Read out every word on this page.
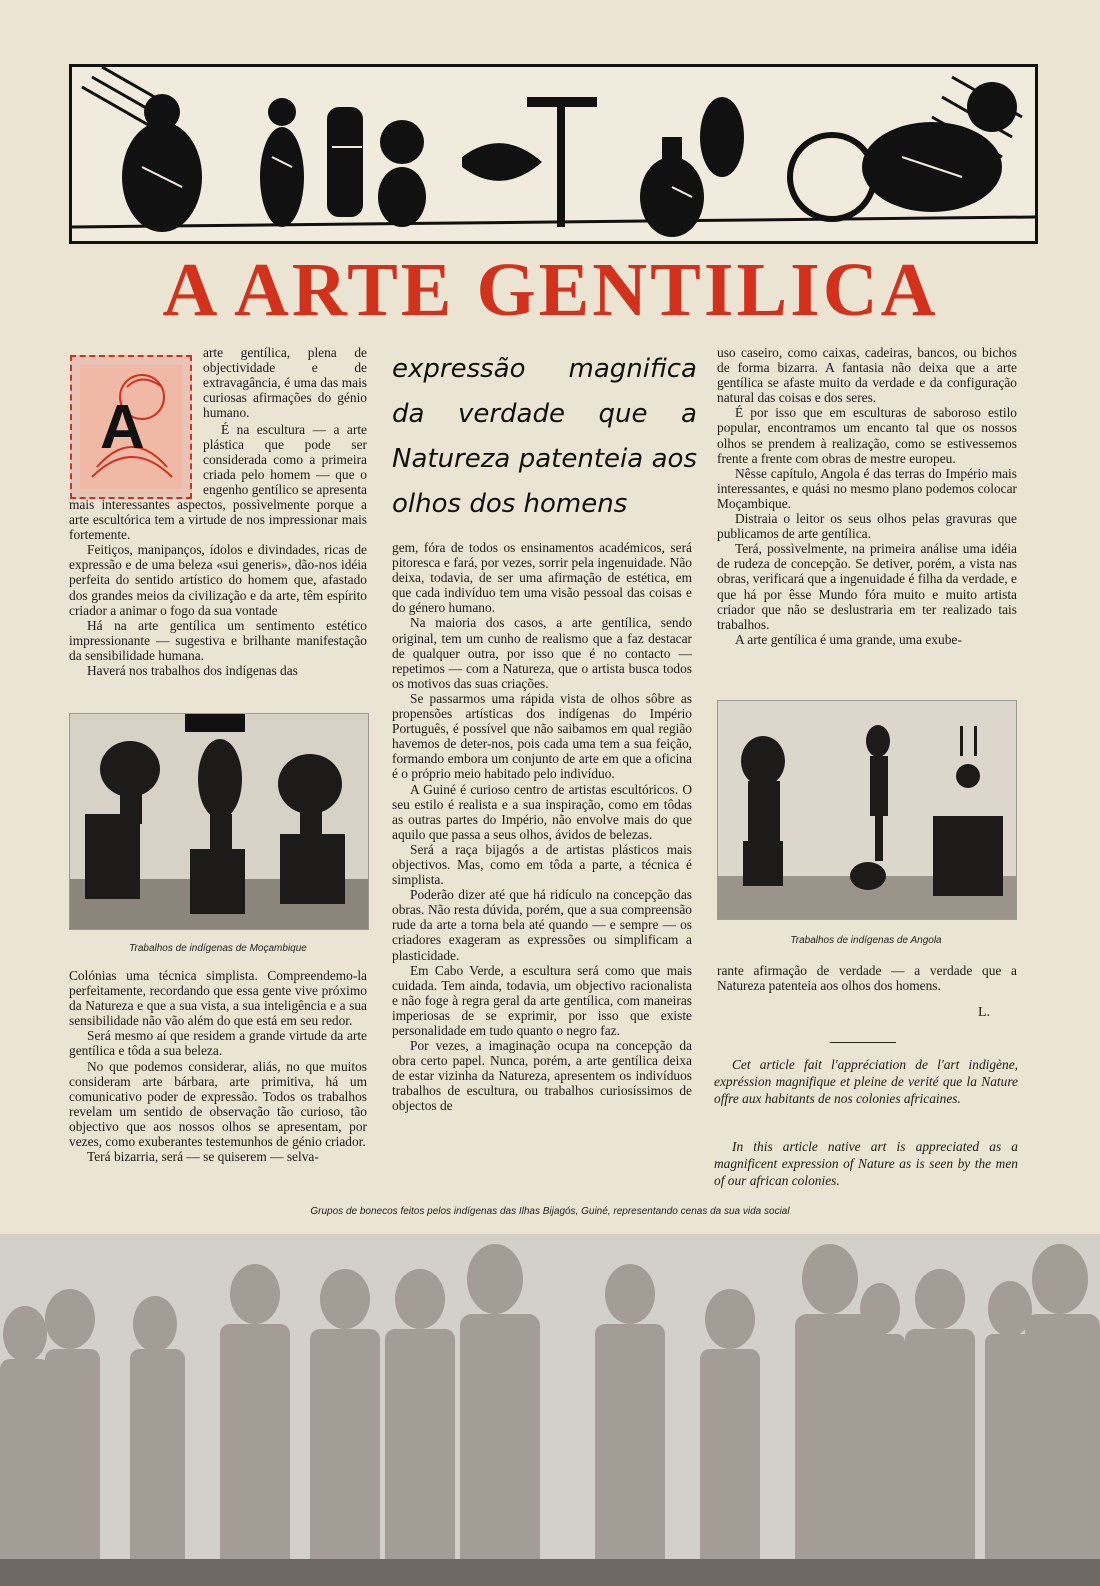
A ARTE GENTILICA
A

arte gentílica, plena de objectividade e de extravagância, é uma das mais curiosas afirmações do génio humano.

É na escultura — a arte plástica que pode ser considerada como a primeira criada pelo homem — que o engenho gentílico se apresenta

mais interessantes aspectos, possìvelmente porque a arte escultórica tem a virtude de nos impressionar mais fortemente.

Feitiços, manipanços, ídolos e divindades, ricas de expressão e de uma beleza «sui generis», dão-nos idéia perfeita do sentido artístico do homem que, afastado dos grandes meios da civilização e da arte, têm espírito criador a animar o fogo da sua vontade

Há na arte gentílica um sentimento estético impressionante — sugestiva e brilhante manifestação da sensibilidade humana.

Haverá nos trabalhos dos indígenas das

Trabalhos de indígenas de Moçambique

Colónias uma técnica simplista. Compreendemo-la perfeitamente, recordando que essa gente vive próximo da Natureza e que a sua vista, a sua inteligência e a sua sensibilidade não vão além do que está em seu redor.

Será mesmo aí que residem a grande virtude da arte gentílica e tôda a sua beleza.

No que podemos considerar, aliás, no que muitos consideram arte bárbara, arte primitiva, há um comunicativo poder de expressão. Todos os trabalhos revelam um sentido de observação tão curioso, tão objectivo que aos nossos olhos se apresentam, por vezes, como exuberantes testemunhos de génio criador.

Terá bizarria, será — se quiserem — selva-

expressão magnifica da verdade que a Natureza patenteia aos olhos dos homens

gem, fóra de todos os ensinamentos académicos, será pitoresca e fará, por vezes, sorrir pela ingenuidade. Não deixa, todavia, de ser uma afirmação de estética, em que cada indivíduo tem uma visão pessoal das coisas e do género humano.

Na maioria dos casos, a arte gentílica, sendo original, tem um cunho de realismo que a faz destacar de qualquer outra, por isso que é no contacto — repetimos — com a Natureza, que o artista busca todos os motivos das suas criações.

Se passarmos uma rápida vista de olhos sôbre as propensões artísticas dos indígenas do Império Português, é possível que não saibamos em qual região havemos de deter-nos, pois cada uma tem a sua feição, formando embora um conjunto de arte em que a oficina é o próprio meio habitado pelo indivíduo.

A Guiné é curioso centro de artistas escultóricos. O seu estilo é realista e a sua inspiração, como em tôdas as outras partes do Império, não envolve mais do que aquilo que passa a seus olhos, ávidos de belezas.

Será a raça bijagós a de artistas plásticos mais objectivos. Mas, como em tôda a parte, a técnica é simplista.

Poderão dizer até que há ridículo na concepção das obras. Não resta dúvida, porém, que a sua compreensão rude da arte a torna bela até quando — e sempre — os criadores exageram as expressões ou simplificam a plasticidade.

Em Cabo Verde, a escultura será como que mais cuidada. Tem ainda, todavia, um objectivo racionalista e não foge à regra geral da arte gentílica, com maneiras imperiosas de se exprimir, por isso que existe personalidade em tudo quanto o negro faz.

Por vezes, a imaginação ocupa na concepção da obra certo papel. Nunca, porém, a arte gentílica deixa de estar vizinha da Natureza, apresentem os indivíduos trabalhos de escultura, ou trabalhos curiosíssimos de objectos de

uso caseiro, como caixas, cadeiras, bancos, ou bichos de forma bizarra. A fantasia não deixa que a arte gentílica se afaste muito da verdade e da configuração natural das coisas e dos seres.

É por isso que em esculturas de saboroso estilo popular, encontramos um encanto tal que os nossos olhos se prendem à realização, como se estivessemos frente a frente com obras de mestre europeu.

Nêsse capítulo, Angola é das terras do Império mais interessantes, e quási no mesmo plano podemos colocar Moçambique.

Distraia o leitor os seus olhos pelas gravuras que publicamos de arte gentílica.

Terá, possìvelmente, na primeira análise uma idéia de rudeza de concepção. Se detiver, porém, a vista nas obras, verificará que a ingenuidade é filha da verdade, e que há por êsse Mundo fóra muito e muito artista criador que não se deslustraria em ter realizado tais trabalhos.

A arte gentílica é uma grande, uma exube-

Trabalhos de indígenas de Angola

rante afirmação de verdade — a verdade que a Natureza patenteia aos olhos dos homens.

L.

Cet article fait l'appréciation de l'art indigène, expréssion magnifique et pleine de verité que la Nature offre aux habitants de nos colonies africaines.

In this article native art is appreciated as a magnificent expression of Nature as is seen by the men of our african colonies.

Grupos de bonecos feitos pelos indígenas das Ilhas Bijagós, Guiné, representando cenas da sua vida social
